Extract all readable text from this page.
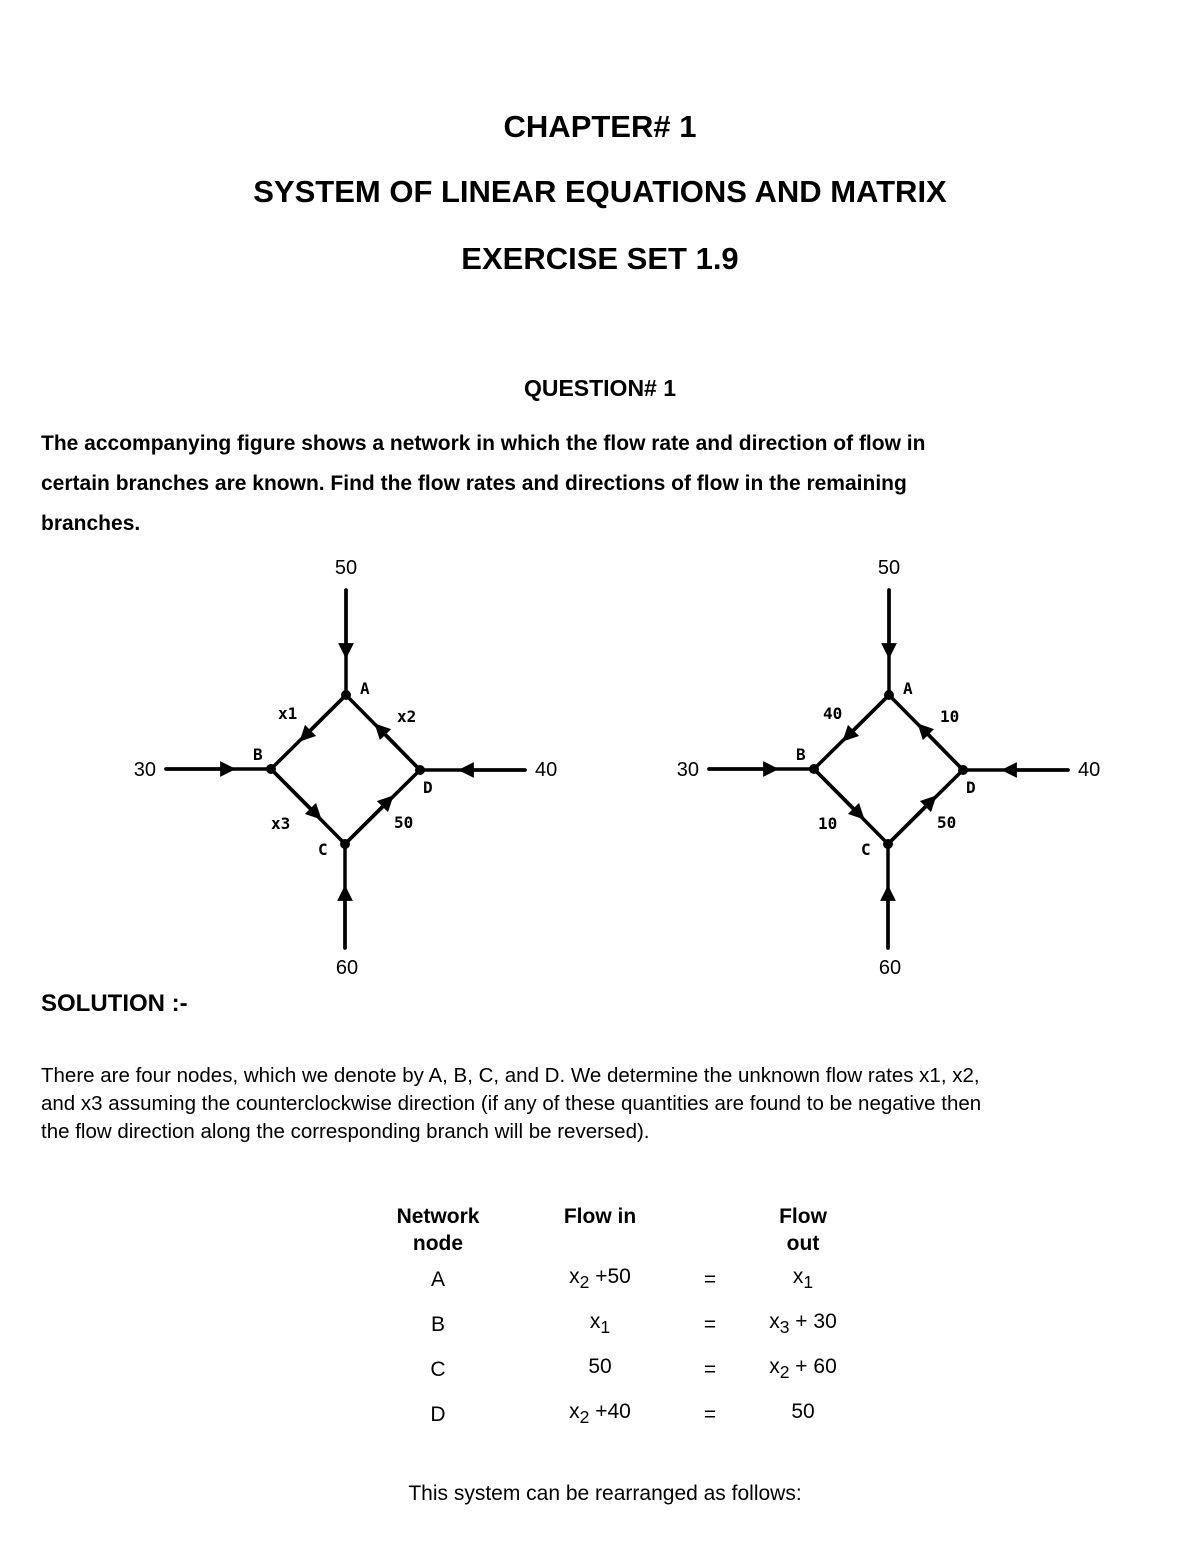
CHAPTER# 1
SYSTEM OF LINEAR EQUATIONS AND MATRIX
EXERCISE SET 1.9
QUESTION# 1
The accompanying figure shows a network in which the flow rate and direction of flow in
certain branches are known. Find the flow rates and directions of flow in the remaining
branches.
50
30	40
60
A
B
C
D
x1	x2
x3	50
50
30	40
60
A
B
C
D
40	10
10	50
SOLUTION :-
There are four nodes, which we denote by A, B, C, and D. We determine the unknown flow rates x1, x2,
and x3 assuming the counterclockwise direction (if any of these quantities are found to be negative then
the flow direction along the corresponding branch will be reversed).
Network
node	Flow in		Flow
out
A	$x_2 +50$	=	$x_1$
B	$x_1$	=	$x_3 + 30$
C	50	=	$x_2 + 60$
D	$x_2 +40$	=	50
This system can be rearranged as follows:
